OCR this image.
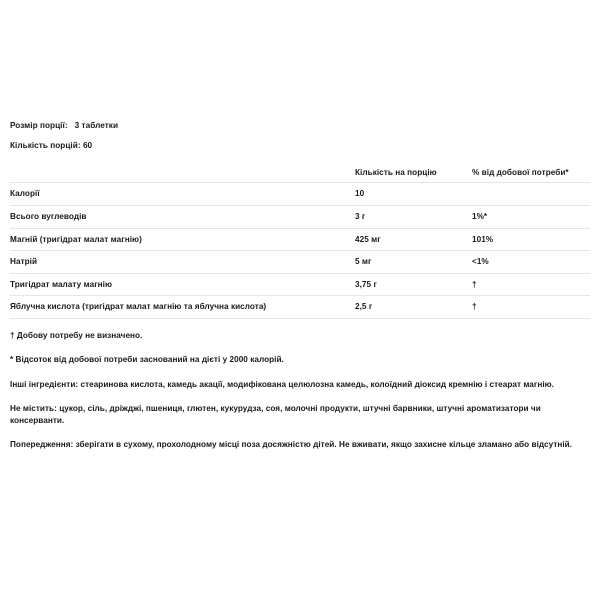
Розмір порції: 3 таблетки
Кількість порцій: 60
	Кількість на порцію	% від добової потреби*
Калорії	10	
Всього вуглеводів	3 г	1%*
Магній (тригідрат малат магнію)	425 мг	101%
Натрій	5 мг	<1%
Тригідрат малату магнію	3,75 г	†
Яблучна кислота (тригідрат малат магнію та яблучна кислота)	2,5 г	†

† Добову потребу не визначено.

* Відсоток від добової потреби заснований на дієті у 2000 калорій.

Інші інгредієнти: стеаринова кислота, камедь акації, модифікована целюлозна камедь, колоїдний діоксид кремнію і стеарат магнію.

Не містить: цукор, сіль, дріжджі, пшениця, глютен, кукурудза, соя, молочні продукти, штучні барвники, штучні ароматизатори чи консерванти.

Попередження: зберігати в сухому, прохолодному місці поза досяжністю дітей. Не вживати, якщо захисне кільце зламано або відсутній.
